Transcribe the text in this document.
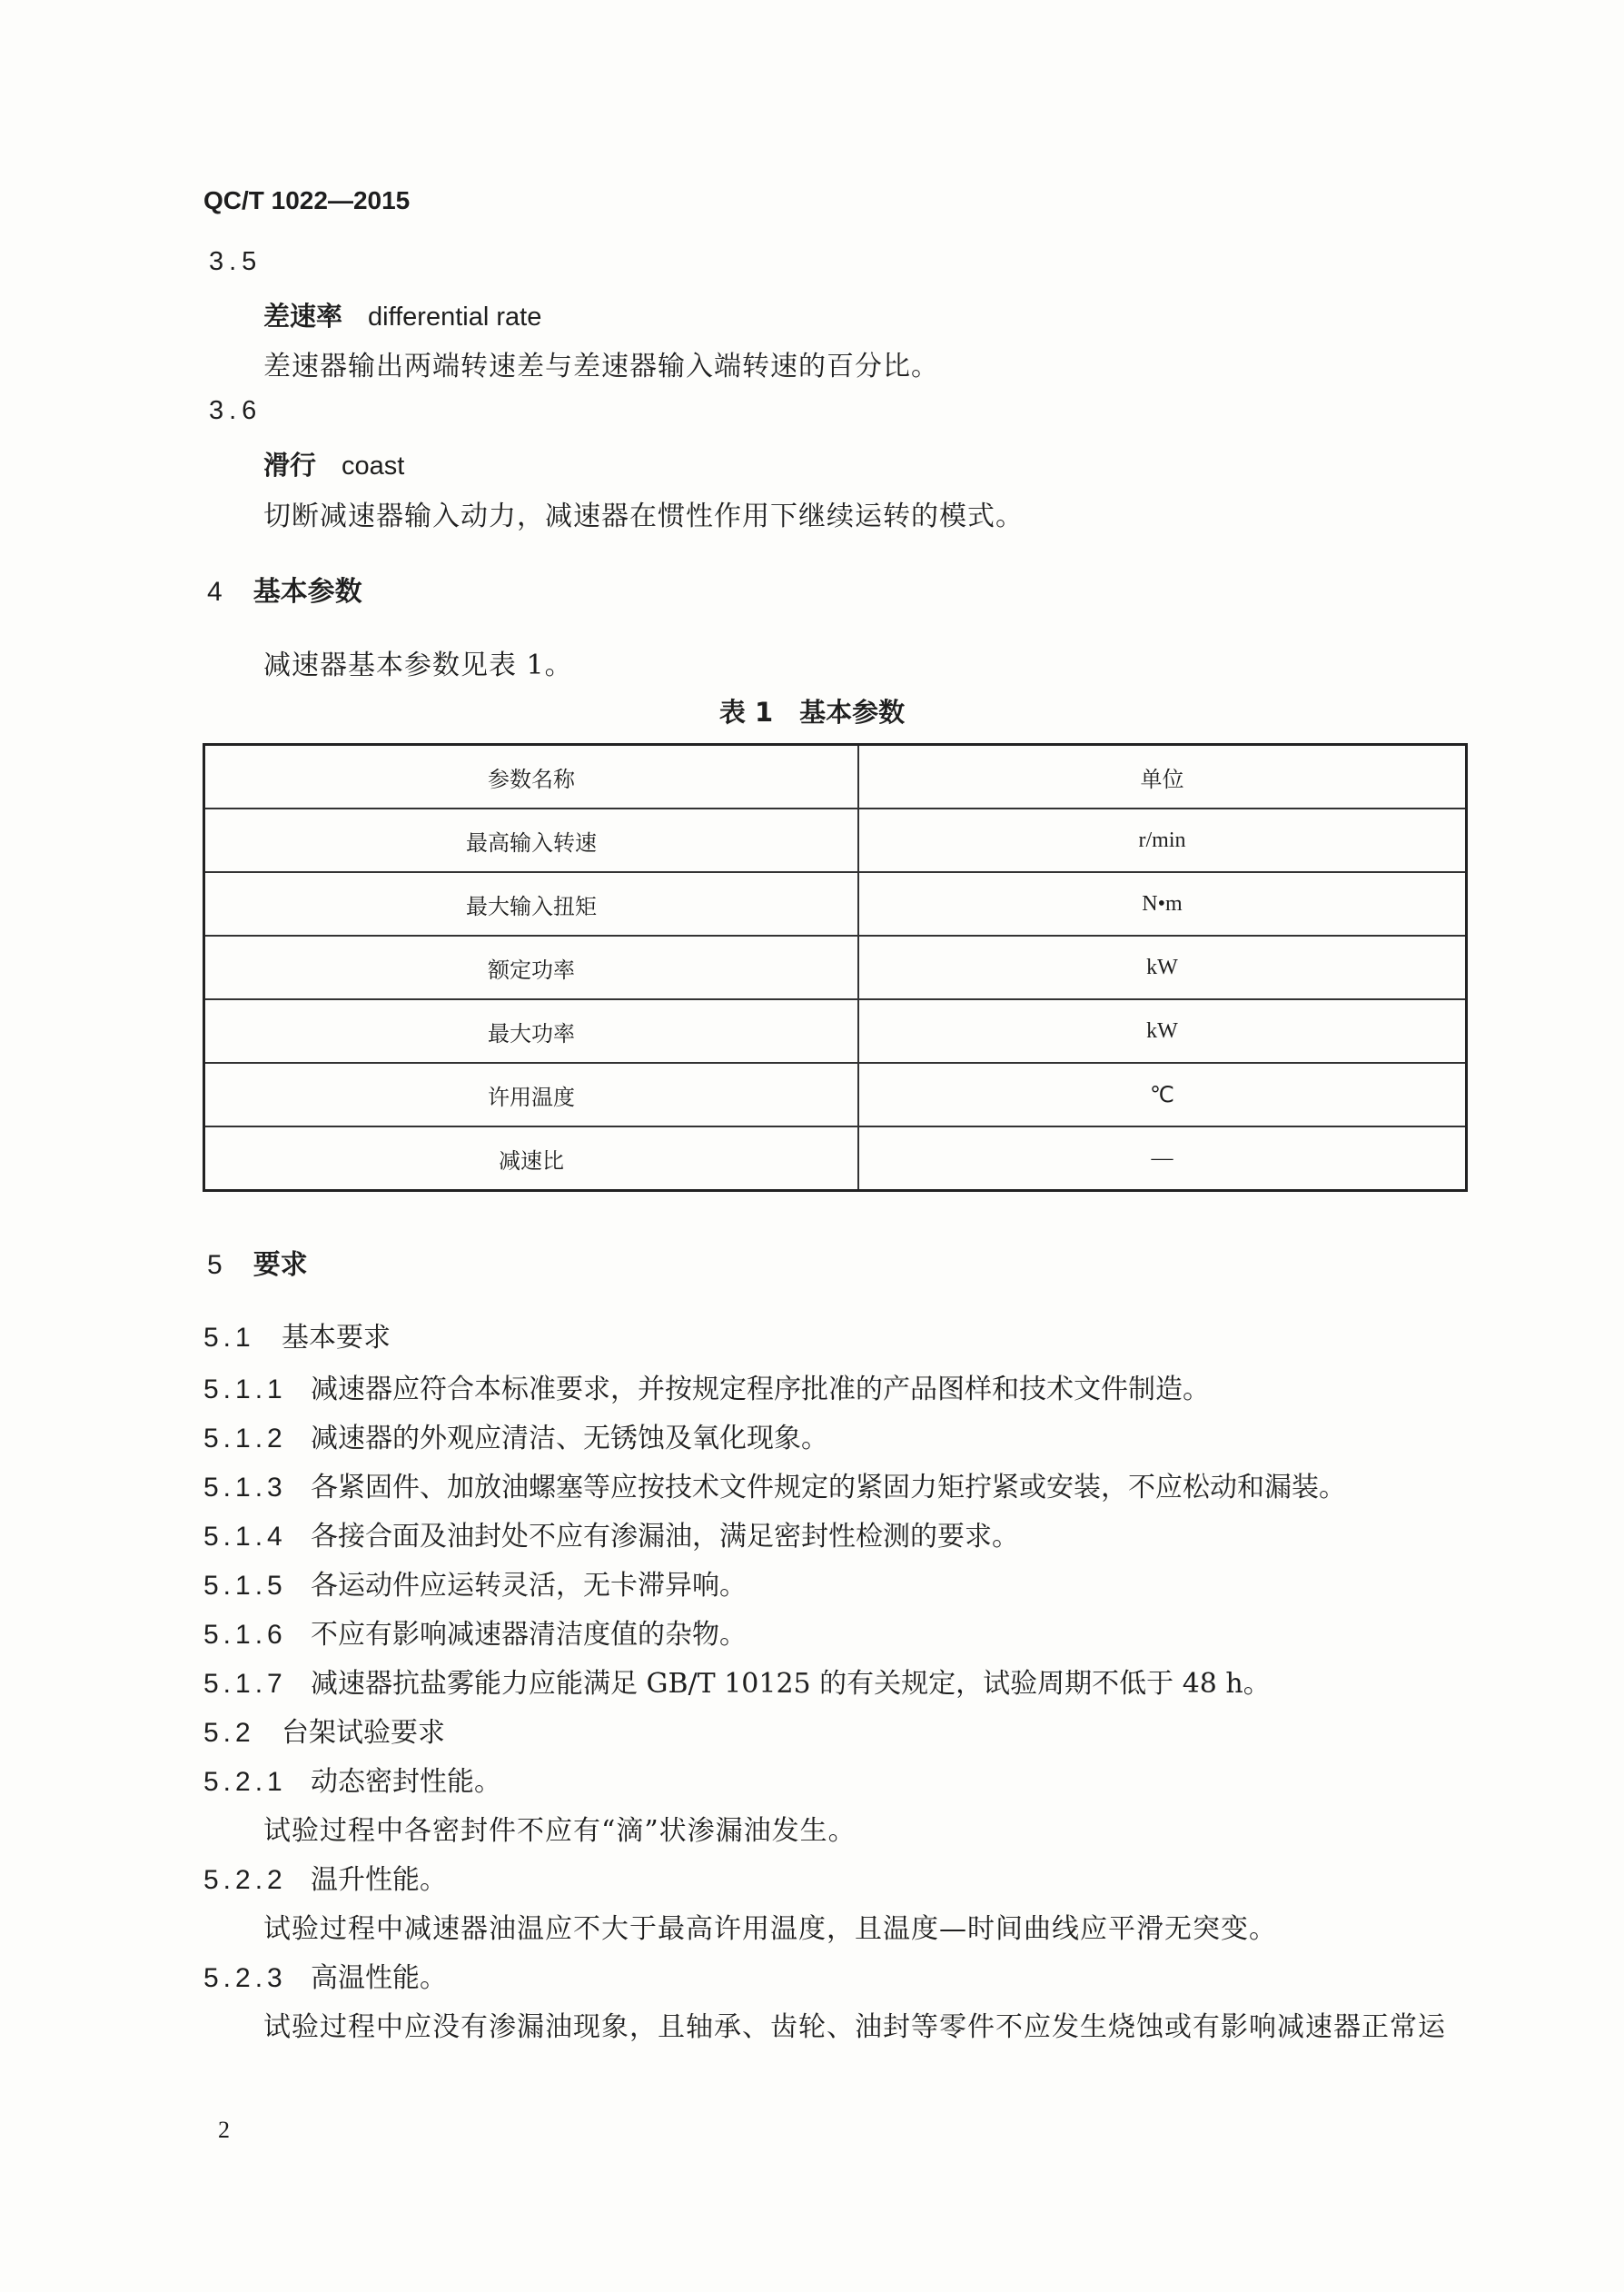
QC/T 1022—2015
3.5
差速率 differential rate
差速器输出两端转速差与差速器输入端转速的百分比。
3.6
滑行 coast
切断减速器输入动力，减速器在惯性作用下继续运转的模式。
4 基本参数
减速器基本参数见表 1。
表 1　基本参数
参数名称	单位
最高输入转速	r/min
最大输入扭矩	N•m
额定功率	kW
最大功率	kW
许用温度	℃
减速比	—
5 要求
5.1 基本要求
5.1.1 减速器应符合本标准要求，并按规定程序批准的产品图样和技术文件制造。
5.1.2 减速器的外观应清洁、无锈蚀及氧化现象。
5.1.3 各紧固件、加放油螺塞等应按技术文件规定的紧固力矩拧紧或安装，不应松动和漏装。
5.1.4 各接合面及油封处不应有渗漏油，满足密封性检测的要求。
5.1.5 各运动件应运转灵活，无卡滞异响。
5.1.6 不应有影响减速器清洁度值的杂物。
5.1.7 减速器抗盐雾能力应能满足 GB/T 10125 的有关规定，试验周期不低于 48 h。
5.2 台架试验要求
5.2.1 动态密封性能。
试验过程中各密封件不应有“滴”状渗漏油发生。
5.2.2 温升性能。
试验过程中减速器油温应不大于最高许用温度，且温度—时间曲线应平滑无突变。
5.2.3 高温性能。
试验过程中应没有渗漏油现象，且轴承、齿轮、油封等零件不应发生烧蚀或有影响减速器正常运
2
